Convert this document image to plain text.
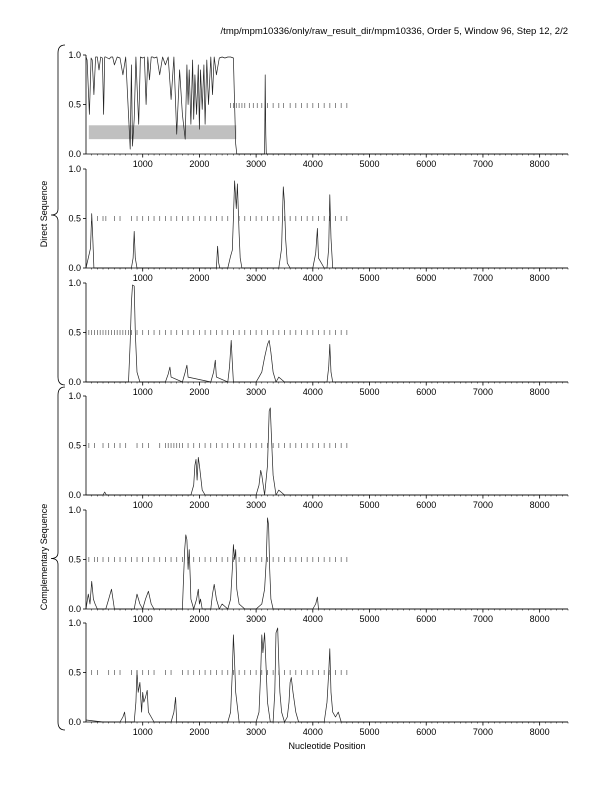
/tmp/mpm10336/only/raw_result_dir/mpm10336, Order 5, Window 96, Step 12, 2/2
0.0
0.5
1.0
1000	2000	3000	4000	5000	6000	7000	8000
0.0
0.5
1.0
1000	2000	3000	4000	5000	6000	7000	8000
0.0
0.5
1.0
1000	2000	3000	4000	5000	6000	7000	8000
0.0
0.5
1.0
1000	2000	3000	4000	5000	6000	7000	8000
0.0
0.5
1.0
1000	2000	3000	4000	5000	6000	7000	8000
0.0
0.5
1.0
1000	2000	3000	4000	5000	6000	7000	8000
Direct Sequence
Complementary Sequence
Nucleotide Position
